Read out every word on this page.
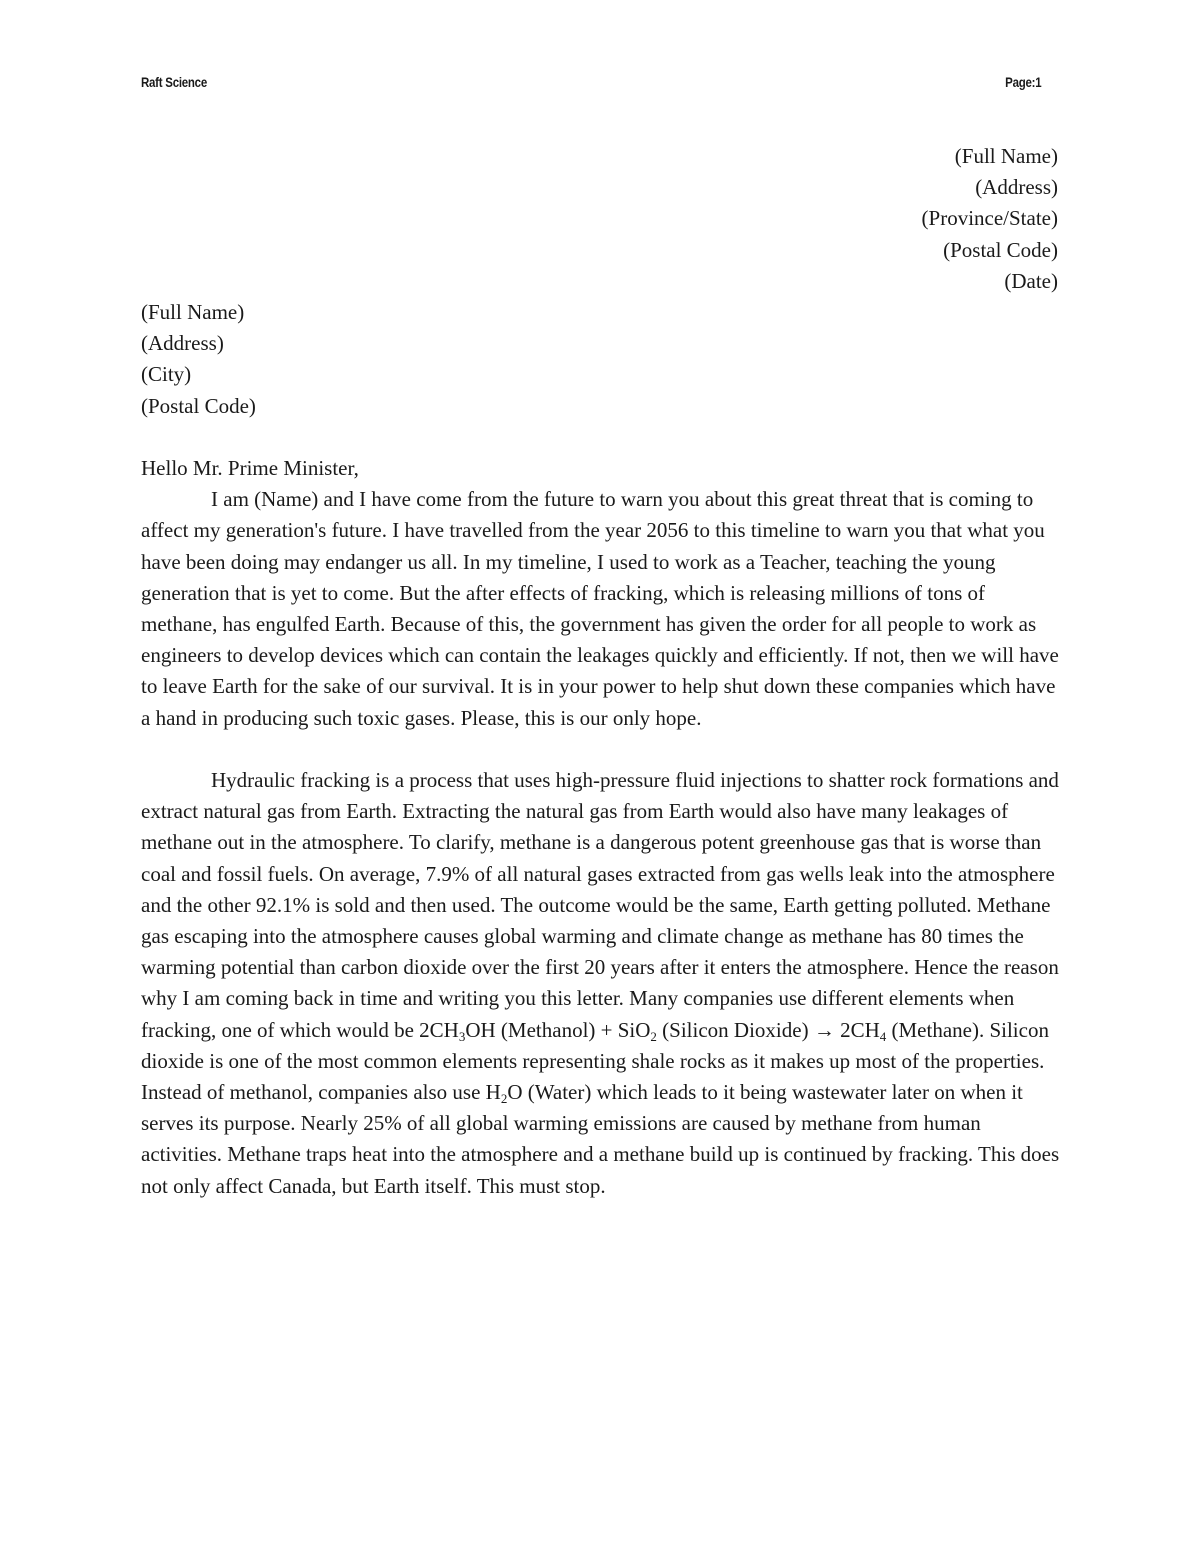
Raft Science	Page:1
(Full Name)
(Address)
(Province/State)
(Postal Code)
(Date)
(Full Name)
(Address)
(City)
(Postal Code)
Hello Mr. Prime Minister,

I am (Name) and I have come from the future to warn you about this great threat that is coming to affect my generation's future. I have travelled from the year 2056 to this timeline to warn you that what you have been doing may endanger us all. In my timeline, I used to work as a Teacher, teaching the young generation that is yet to come. But the after effects of fracking, which is releasing millions of tons of methane, has engulfed Earth. Because of this, the government has given the order for all people to work as engineers to develop devices which can contain the leakages quickly and efficiently. If not, then we will have to leave Earth for the sake of our survival. It is in your power to help shut down these companies which have a hand in producing such toxic gases. Please, this is our only hope.

Hydraulic fracking is a process that uses high-pressure fluid injections to shatter rock formations and extract natural gas from Earth. Extracting the natural gas from Earth would also have many leakages of methane out in the atmosphere. To clarify, methane is a dangerous potent greenhouse gas that is worse than coal and fossil fuels. On average, 7.9% of all natural gases extracted from gas wells leak into the atmosphere and the other 92.1% is sold and then used. The outcome would be the same, Earth getting polluted. Methane gas escaping into the atmosphere causes global warming and climate change as methane has 80 times the warming potential than carbon dioxide over the first 20 years after it enters the atmosphere. Hence the reason why I am coming back in time and writing you this letter. Many companies use different elements when fracking, one of which would be $2CH_3OH$ (Methanol) + SiO$_2$ (Silicon Dioxide) → $2CH_4$ (Methane). Silicon dioxide is one of the most common elements representing shale rocks as it makes up most of the properties. Instead of methanol, companies also use $H_2O$ (Water) which leads to it being wastewater later on when it serves its purpose. Nearly 25% of all global warming emissions are caused by methane from human activities. Methane traps heat into the atmosphere and a methane build up is continued by fracking. This does not only affect Canada, but Earth itself. This must stop.
